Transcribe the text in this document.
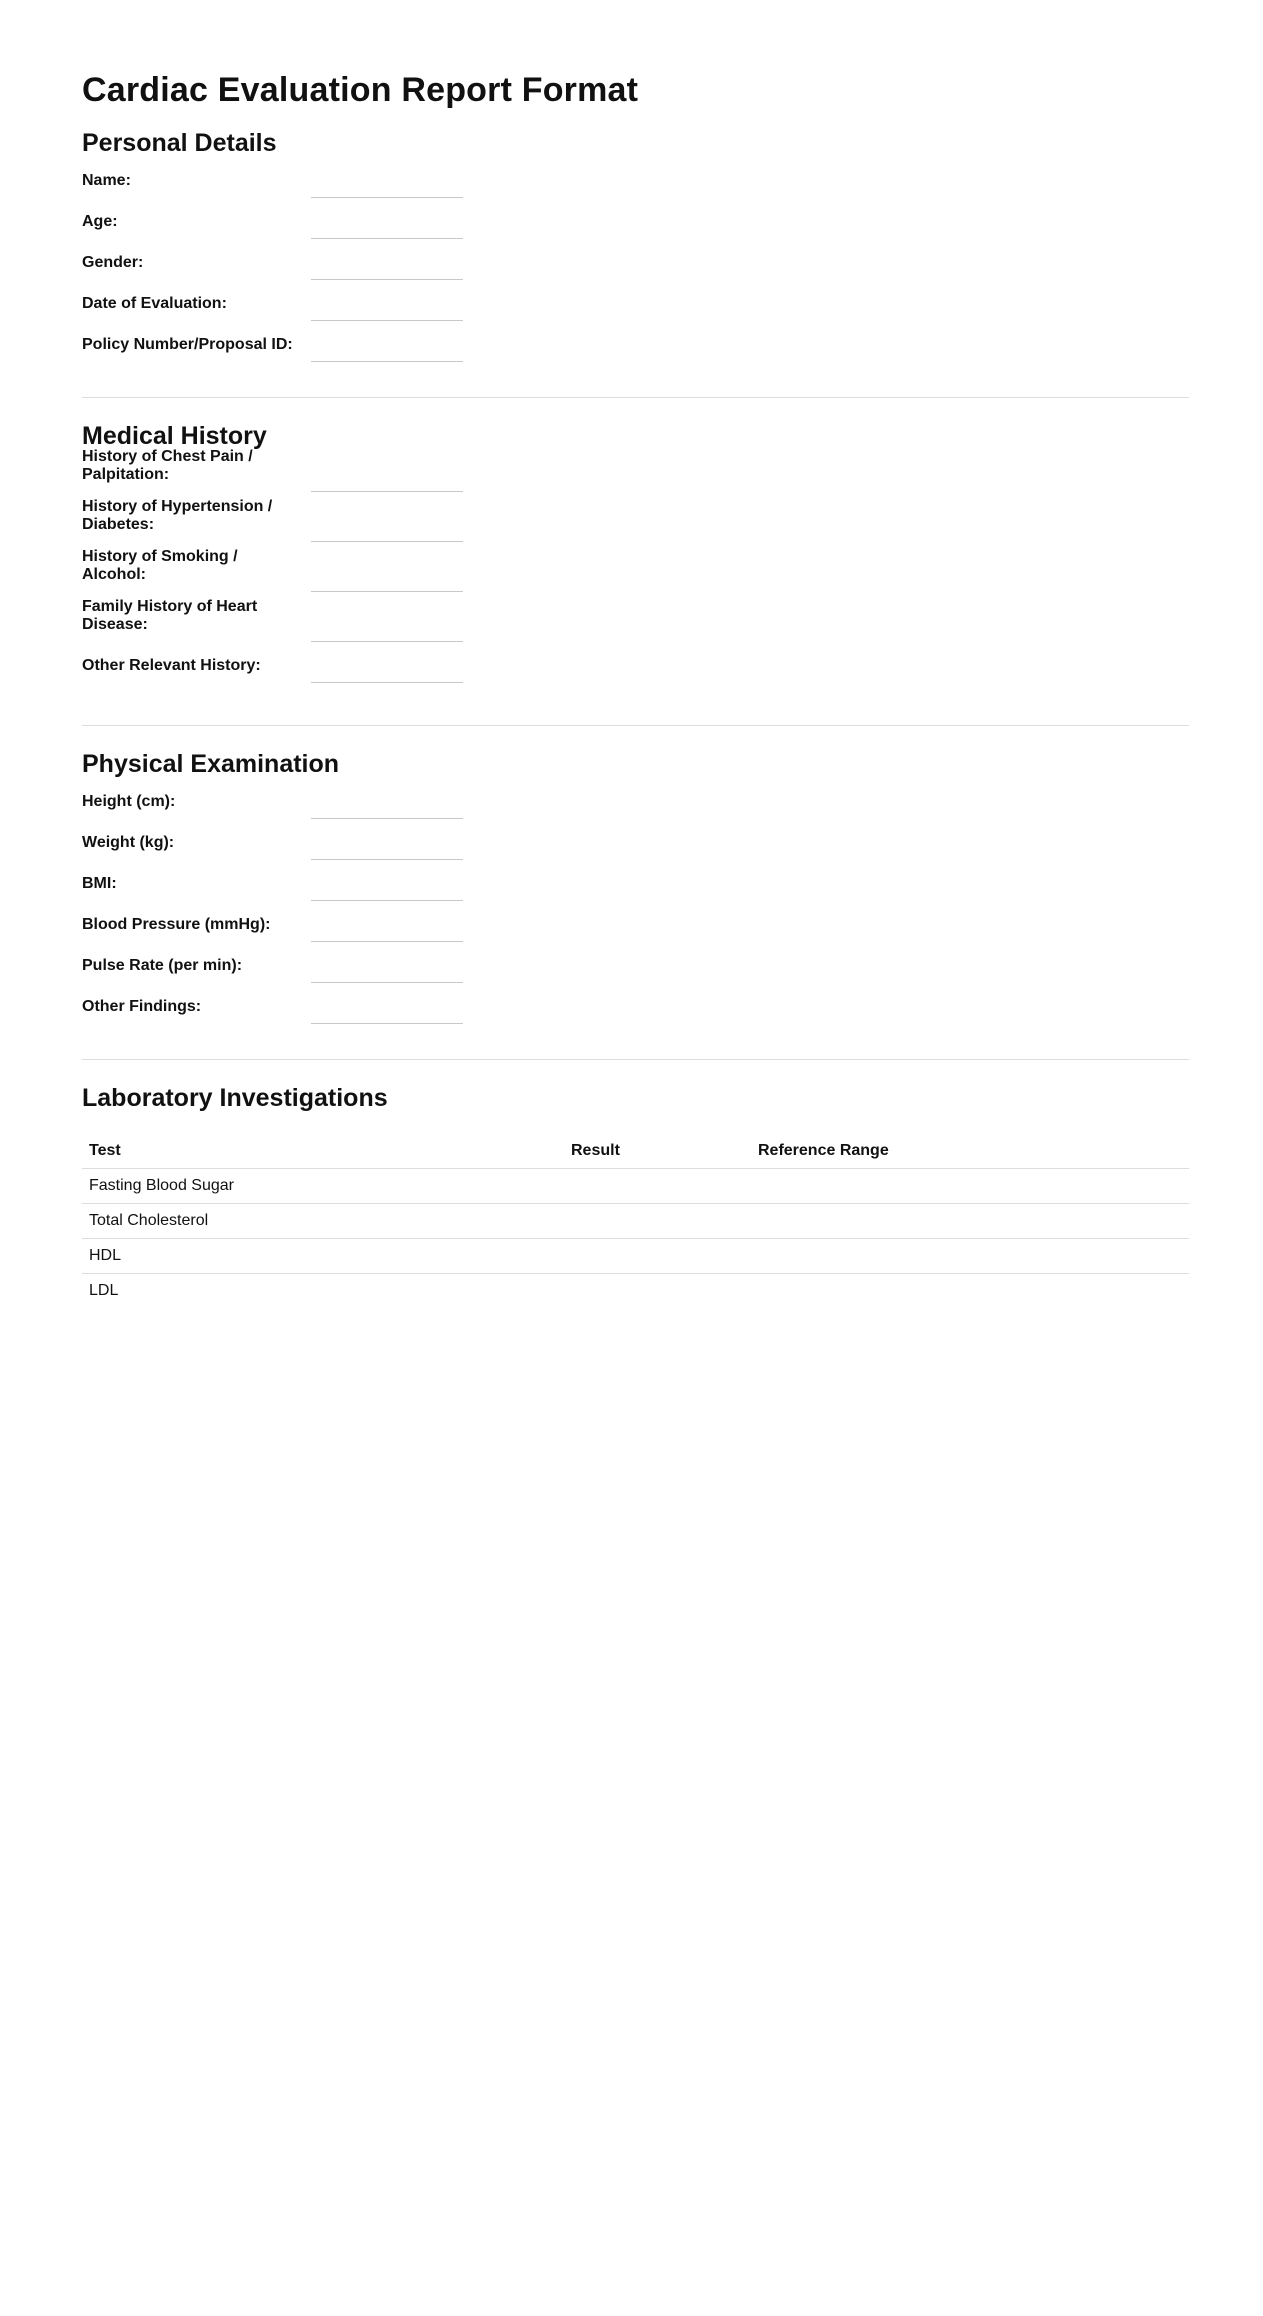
Cardiac Evaluation Report Format
Personal Details
Name:
Age:
Gender:
Date of Evaluation:
Policy Number/Proposal ID:
Medical History
History of Chest Pain / Palpitation:
History of Hypertension / Diabetes:
History of Smoking / Alcohol:
Family History of Heart Disease:
Other Relevant History:
Physical Examination
Height (cm):
Weight (kg):
BMI:
Blood Pressure (mmHg):
Pulse Rate (per min):
Other Findings:
Laboratory Investigations
Test	Result	Reference Range
Fasting Blood Sugar		
Total Cholesterol		
HDL		
LDL		
